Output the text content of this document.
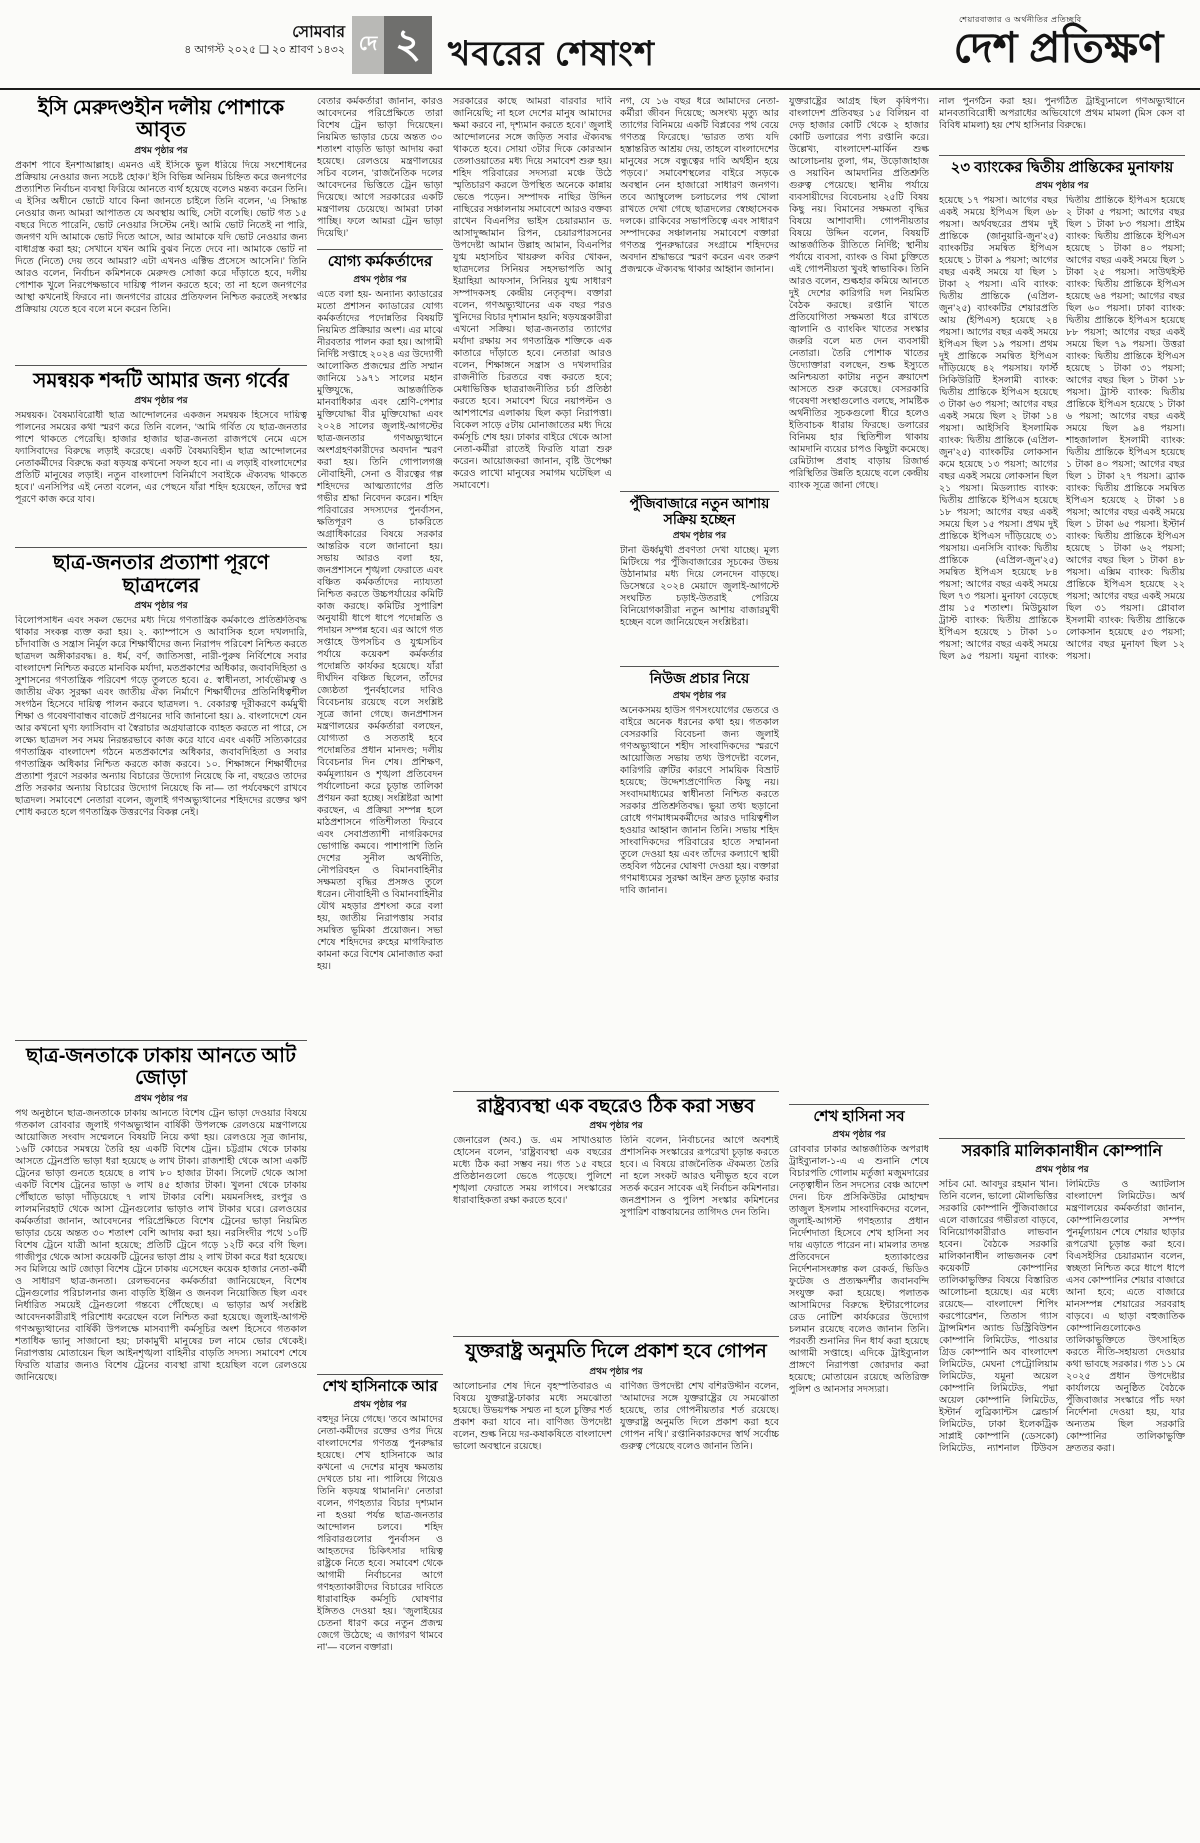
সোমবার
৪ আগস্ট ২০২৫ ❑ ২০ শ্রাবণ ১৪৩২ দে ২ খবরের শেষাংশ
শেয়ারবাজার ও অর্থনীতির প্রতিচ্ছবি
দেশ প্রতিক্ষণ
ইসি মেরুদণ্ডহীন দলীয় পোশাকে আবৃত
প্রথম পৃষ্ঠার পর

প্রকাশ পাবে ইনশাআল্লাহ। এমনও এই ইসিকে ভুল ধরিয়ে দিয়ে সংশোধনের প্রক্রিয়ায় নেওয়ার জন্য সচেষ্ট হোক।’ ইসি বিভিন্ন অনিয়ম চিহ্নিত করে জনগণের প্রত্যাশিত নির্বাচন ব্যবস্থা ফিরিয়ে আনতে ব্যর্থ হয়েছে বলেও মন্তব্য করেন তিনি। এ ইসির অধীনে ভোটে যাবে কিনা জানতে চাইলে তিনি বলেন, ‘এ সিদ্ধান্ত নেওয়ার জন্য আমরা আপাতত যে অবস্থায় আছি, সেটা বলেছি। ভোট গত ১৫ বছরে দিতে পারেনি, ভোট নেওয়ার সিস্টেম নেই। আমি ভোট নিতেই না পারি, জনগণ যদি আমাকে ভোট দিতে আসে, আর আমাকে যদি ভোট নেওয়ার জন্য বাধাগ্রস্ত করা হয়; সেখানে যখন আমি বুঝব নিতে দেবে না। আমাকে ভোট না দিতে (নিতে) দেয় তবে আমরা? এটা এখনও এক্টিভ প্রসেসে আসেনি।’ তিনি আরও বলেন, নির্বাচন কমিশনকে মেরুদণ্ড সোজা করে দাঁড়াতে হবে, দলীয় পোশাক খুলে নিরপেক্ষভাবে দায়িত্ব পালন করতে হবে; তা না হলে জনগণের আস্থা কখনোই ফিরবে না। জনগণের রায়ের প্রতিফলন নিশ্চিত করতেই সংস্কার প্রক্রিয়ায় যেতে হবে বলে মনে করেন তিনি।

সমন্বয়ক শব্দটি আমার জন্য গর্বের
প্রথম পৃষ্ঠার পর

সমন্বয়ক। বৈষম্যবিরোধী ছাত্র আন্দোলনের একজন সমন্বয়ক হিসেবে দায়িত্ব পালনের সময়ের কথা স্মরণ করে তিনি বলেন, ‘আমি গর্বিত যে ছাত্র-জনতার পাশে থাকতে পেরেছি। হাজার হাজার ছাত্র-জনতা রাজপথে নেমে এসে ফ্যাসিবাদের বিরুদ্ধে লড়াই করেছে। একটি বৈষম্যবিহীন ছাত্র আন্দোলনের নেতাকর্মীদের বিরুদ্ধে করা ষড়যন্ত্র কখনো সফল হবে না। এ লড়াই বাংলাদেশের প্রতিটি মানুষের লড়াই। নতুন বাংলাদেশ বিনির্মাণে সবাইকে ঐক্যবদ্ধ থাকতে হবে।’ এনসিপির এই নেতা বলেন, এর পেছনে যাঁরা শহিদ হয়েছেন, তাঁদের স্বপ্ন পূরণে কাজ করে যাব।

ছাত্র-জনতার প্রত্যাশা পূরণে ছাত্রদলের
প্রথম পৃষ্ঠার পর

বিলোপসাধন এবং সকল ভেদের মধ্য দিয়ে গণতান্ত্রিক কর্মকাণ্ডে প্রতিশ্রুতিবদ্ধ থাকার সংকল্প ব্যক্ত করা হয়। ২. ক্যাম্পাসে ও আবাসিক হলে দখলদারি, চাঁদাবাজি ও সন্ত্রাস নির্মূল করে শিক্ষার্থীদের জন্য নিরাপদ পরিবেশ নিশ্চিত করতে ছাত্রদল অঙ্গীকারবদ্ধ। ৪. ধর্ম, বর্ণ, জাতিসত্তা, নারী-পুরুষ নির্বিশেষে সবার বাংলাদেশ নিশ্চিত করতে মানবিক মর্যাদা, মতপ্রকাশের অধিকার, জবাবদিহিতা ও সুশাসনের গণতান্ত্রিক পরিবেশ গড়ে তুলতে হবে। ৫. স্বাধীনতা, সার্বভৌমত্ব ও জাতীয় ঐক্য সুরক্ষা এবং জাতীয় ঐক্য নির্মাণে শিক্ষার্থীদের প্রতিনিধিত্বশীল সংগঠন হিসেবে দায়িত্ব পালন করবে ছাত্রদল। ৭. বেকারত্ব দূরীকরণে কর্মমুখী শিক্ষা ও গবেষণাবান্ধব বাজেট প্রণয়নের দাবি জানানো হয়। ৯. বাংলাদেশে যেন আর কখনো ঘৃণ্য ফ্যাসিবাদ বা স্বৈরাচার অগ্রযাত্রাকে ব্যাহত করতে না পারে, সে লক্ষ্যে ছাত্রদল সব সময় নিরন্তরভাবে কাজ করে যাবে এবং একটি সত্যিকারের গণতান্ত্রিক বাংলাদেশ গঠনে মতপ্রকাশের অধিকার, জবাবদিহিতা ও সবার গণতান্ত্রিক অধিকার নিশ্চিত করতে কাজ করবে। ১০. শিক্ষাঙ্গনে শিক্ষার্থীদের প্রত্যাশা পূরণে সরকার অন্যায় বিচারের উদ্যোগ নিয়েছে কি না, বছরেও তাদের প্রতি সরকার অন্যায় বিচারের উদ্যোগ নিয়েছে কি না— তা পর্যবেক্ষণে রাখবে ছাত্রদল। সমাবেশে নেতারা বলেন, জুলাই গণঅভ্যুত্থানের শহিদদের রক্তের ঋণ শোধ করতে হলে গণতান্ত্রিক উত্তরণের বিকল্প নেই।

ছাত্র-জনতাকে ঢাকায় আনতে আট জোড়া
প্রথম পৃষ্ঠার পর

পথ অনুষ্ঠানে ছাত্র-জনতাকে ঢাকায় আনতে বিশেষ ট্রেন ভাড়া দেওয়ার বিষয়ে গতকাল রোববার জুলাই গণঅভ্যুত্থান বার্ষিকী উপলক্ষে রেলওয়ে মন্ত্রণালয়ে আয়োজিত সংবাদ সম্মেলনে বিষয়টি নিয়ে কথা হয়। রেলওয়ে সূত্র জানায়, ১৬টি কোচের সমন্বয়ে তৈরি হয় একটি বিশেষ ট্রেন। চট্টগ্রাম থেকে ঢাকায় আসতে ট্রেনপ্রতি ভাড়া ধরা হয়েছে ৬ লাখ টাকা। রাজশাহী থেকে আসা একটি ট্রেনের ভাড়া গুনতে হয়েছে ৪ লাখ ৮০ হাজার টাকা। সিলেট থেকে আসা একটি বিশেষ ট্রেনের ভাড়া ৬ লাখ ৪৫ হাজার টাকা। খুলনা থেকে ঢাকায় পৌঁছাতে ভাড়া দাঁড়িয়েছে ৭ লাখ টাকার বেশি। ময়মনসিংহ, রংপুর ও লালমনিরহাট থেকে আসা ট্রেনগুলোর ভাড়াও লাখ টাকার ঘরে। রেলওয়ের কর্মকর্তারা জানান, আবেদনের পরিপ্রেক্ষিতে বিশেষ ট্রেনের ভাড়া নিয়মিত ভাড়ার চেয়ে অন্তত ৩০ শতাংশ বেশি আদায় করা হয়। নরসিংদীর পথে ১০টি বিশেষ ট্রেনে যাত্রী আনা হয়েছে; প্রতিটি ট্রেনে গড়ে ১২টি করে বগি ছিল। গাজীপুর থেকে আসা কয়েকটি ট্রেনের ভাড়া প্রায় ২ লাখ টাকা করে ধরা হয়েছে। সব মিলিয়ে আট জোড়া বিশেষ ট্রেনে ঢাকায় এসেছেন কয়েক হাজার নেতা-কর্মী ও সাধারণ ছাত্র-জনতা। রেলভবনের কর্মকর্তারা জানিয়েছেন, বিশেষ ট্রেনগুলোর পরিচালনার জন্য বাড়তি ইঞ্জিন ও জনবল নিয়োজিত ছিল এবং নির্ধারিত সময়েই ট্রেনগুলো গন্তব্যে পৌঁছেছে। এ ভাড়ার অর্থ সংশ্লিষ্ট আবেদনকারীরাই পরিশোধ করেছেন বলে নিশ্চিত করা হয়েছে। জুলাই-আগস্ট গণঅভ্যুত্থানের বার্ষিকী উপলক্ষে মাসব্যাপী কর্মসূচির অংশ হিসেবে গতকাল শতাধিক ভ্যানু সাজানো হয়; ঢাকামুখী মানুষের ঢল নামে ভোর থেকেই। নিরাপত্তায় মোতায়েন ছিল আইনশৃঙ্খলা বাহিনীর বাড়তি সদস্য। সমাবেশ শেষে ফিরতি যাত্রার জন্যও বিশেষ ট্রেনের ব্যবস্থা রাখা হয়েছিল বলে রেলওয়ে জানিয়েছে।

বেতার কর্মকর্তারা জানান, কারও আবেদনের পরিপ্রেক্ষিতে তারা বিশেষ ট্রেন ভাড়া দিয়েছেন। নিয়মিত ভাড়ার চেয়ে অন্তত ৩০ শতাংশ বাড়তি ভাড়া আদায় করা হয়েছে। রেলওয়ে মন্ত্রণালয়ের সচিব বলেন, ‘রাজনৈতিক দলের আবেদনের ভিত্তিতে ট্রেন ভাড়া দিয়েছে। আগে সরকারের একটি মন্ত্রণালয় চেয়েছে। আমরা ঢাকা পাচ্ছি। ফলে আমরা ট্রেন ভাড়া দিয়েছি।’

যোগ্য কর্মকর্তাদের
প্রথম পৃষ্ঠার পর

এতে বলা হয়- অন্যান্য ক্যাডারের মতো প্রশাসন ক্যাডারের যোগ্য কর্মকর্তাদের পদোন্নতির বিষয়টি নিয়মিত প্রক্রিয়ার অংশ। এর মাঝে নীরবতার পালন করা হয়। আগামী নির্দিষ্ট সপ্তাহে ২০২৪ এর উদ্যোগী আলোকিত প্রজন্মের প্রতি সম্মান জানিয়ে ১৯৭১ সালের মহান মুক্তিযুদ্ধে, আন্তর্জাতিক মানবাধিকার এবং শ্রেণি-পেশার মুক্তিযোদ্ধা বীর মুক্তিযোদ্ধা এবং ২০২৪ সালের জুলাই-আগস্টের ছাত্র-জনতার গণঅভ্যুত্থানে অংশগ্রহণকারীদের অবদান স্মরণ করা হয়। তিনি গোপালগঞ্জ নৌবাহিনী, সেনা ও বীরত্বের গল্প শহিদদের আত্মত্যাগের প্রতি গভীর শ্রদ্ধা নিবেদন করেন। শহিদ পরিবারের সদস্যদের পুনর্বাসন, ক্ষতিপূরণ ও চাকরিতে অগ্রাধিকারের বিষয়ে সরকার আন্তরিক বলে জানানো হয়। সভায় আরও বলা হয়, জনপ্রশাসনে শৃঙ্খলা ফেরাতে এবং বঞ্চিত কর্মকর্তাদের ন্যায্যতা নিশ্চিত করতে উচ্চপর্যায়ের কমিটি কাজ করছে। কমিটির সুপারিশ অনুযায়ী ধাপে ধাপে পদোন্নতি ও পদায়ন সম্পন্ন হবে। এর আগে গত সপ্তাহে উপসচিব ও যুগ্মসচিব পর্যায়ে কয়েকশ কর্মকর্তার পদোন্নতি কার্যকর হয়েছে। যাঁরা দীর্ঘদিন বঞ্চিত ছিলেন, তাঁদের জ্যেষ্ঠতা পুনর্বহালের দাবিও বিবেচনায় রয়েছে বলে সংশ্লিষ্ট সূত্রে জানা গেছে। জনপ্রশাসন মন্ত্রণালয়ের কর্মকর্তারা বলছেন, যোগ্যতা ও সততাই হবে পদোন্নতির প্রধান মানদণ্ড; দলীয় বিবেচনার দিন শেষ। প্রশিক্ষণ, কর্মমূল্যায়ন ও শৃঙ্খলা প্রতিবেদন পর্যালোচনা করে চূড়ান্ত তালিকা প্রণয়ন করা হচ্ছে। সংশ্লিষ্টরা আশা করছেন, এ প্রক্রিয়া সম্পন্ন হলে মাঠপ্রশাসনে গতিশীলতা ফিরবে এবং সেবাপ্রত্যাশী নাগরিকদের ভোগান্তি কমবে। পাশাপাশি তিনি দেশের সুনীল অর্থনীতি, নৌপরিবহন ও বিমানবাহিনীর সক্ষমতা বৃদ্ধির প্রসঙ্গও তুলে ধরেন। নৌবাহিনী ও বিমানবাহিনীর যৌথ মহড়ার প্রশংসা করে বলা হয়, জাতীয় নিরাপত্তায় সবার সমন্বিত ভূমিকা প্রয়োজন। সভা শেষে শহিদদের রুহের মাগফিরাত কামনা করে বিশেষ মোনাজাত করা হয়।

শেখ হাসিনাকে আর
প্রথম পৃষ্ঠার পর

বহুদূর নিয়ে গেছে। ‘তবে আমাদের নেতা-কর্মীদের রক্তের ওপর দিয়ে বাংলাদেশের গণতন্ত্র পুনরুদ্ধার হয়েছে। শেখ হাসিনাকে আর কখনো এ দেশের মানুষ ক্ষমতায় দেখতে চায় না। পালিয়ে গিয়েও তিনি ষড়যন্ত্র থামাননি।’ নেতারা বলেন, গণহত্যার বিচার দৃশ্যমান না হওয়া পর্যন্ত ছাত্র-জনতার আন্দোলন চলবে। শহিদ পরিবারগুলোর পুনর্বাসন ও আহতদের চিকিৎসার দায়িত্ব রাষ্ট্রকে নিতে হবে। সমাবেশ থেকে আগামী নির্বাচনের আগে গণহত্যাকারীদের বিচারের দাবিতে ধারাবাহিক কর্মসূচি ঘোষণার ইঙ্গিতও দেওয়া হয়। ‘জুলাইয়ের চেতনা ধারণ করে নতুন প্রজন্ম জেগে উঠেছে; এ জাগরণ থামবে না’— বলেন বক্তারা।

সরকারের কাছে আমরা বারবার দাবি জানিয়েছি; না হলে দেশের মানুষ আমাদের ক্ষমা করবে না, দৃশ্যমান করতে হবে।’ জুলাই আন্দোলনের সঙ্গে জড়িত সবার ঐক্যবদ্ধ থাকতে হবে। সোয়া ৩টার দিকে কোরআন তেলাওয়াতের মধ্য দিয়ে সমাবেশ শুরু হয়। শহিদ পরিবারের সদস্যরা মঞ্চে উঠে স্মৃতিচারণ করলে উপস্থিত অনেকে কান্নায় ভেঙে পড়েন। সম্পাদক নাছির উদ্দিন নাছিরের সঞ্চালনায় সমাবেশে আরও বক্তব্য রাখেন বিএনপির ভাইস চেয়ারম্যান ড. আসাদুজ্জামান রিপন, চেয়ারপারসনের উপদেষ্টা আমান উল্লাহ আমান, বিএনপির যুগ্ম মহাসচিব খায়রুল কবির খোকন, ছাত্রদলের সিনিয়র সহসভাপতি আবু ইয়াহিয়া আফসান, সিনিয়র যুগ্ম সাধারণ সম্পাদকসহ কেন্দ্রীয় নেতৃবৃন্দ। বক্তারা বলেন, গণঅভ্যুত্থানের এক বছর পরও খুনিদের বিচার দৃশ্যমান হয়নি; ষড়যন্ত্রকারীরা এখনো সক্রিয়। ছাত্র-জনতার ত্যাগের মর্যাদা রক্ষায় সব গণতান্ত্রিক শক্তিকে এক কাতারে দাঁড়াতে হবে। নেতারা আরও বলেন, শিক্ষাঙ্গনে সন্ত্রাস ও দখলদারির রাজনীতি চিরতরে বন্ধ করতে হবে; মেধাভিত্তিক ছাত্ররাজনীতির চর্চা প্রতিষ্ঠা করতে হবে। সমাবেশ ঘিরে নয়াপল্টন ও আশপাশের এলাকায় ছিল কড়া নিরাপত্তা। বিকেল সাড়ে ৫টায় মোনাজাতের মধ্য দিয়ে কর্মসূচি শেষ হয়। ঢাকার বাইরে থেকে আসা নেতা-কর্মীরা রাতেই ফিরতি যাত্রা শুরু করেন। আয়োজকরা জানান, বৃষ্টি উপেক্ষা করেও লাখো মানুষের সমাগম ঘটেছিল এ সমাবেশে।

নগ, যে ১৬ বছর ধরে আমাদের নেতা-কর্মীরা জীবন দিয়েছে; অসংখ্য মৃত্যু আর ত্যাগের বিনিময়ে একটি বিপ্লবের পথ বেয়ে গণতন্ত্র ফিরেছে। ‘ভারত তথ্য যদি হস্তান্তরিত আশ্রয় দেয়, তাহলে বাংলাদেশের মানুষের সঙ্গে বন্ধুত্বের দাবি অর্থহীন হয়ে পড়বে।’ সমাবেশস্থলের বাইরে সড়কে অবস্থান নেন হাজারো সাধারণ জনগণ। তবে অ্যাম্বুলেন্স চলাচলের পথ খোলা রাখতে দেখা গেছে ছাত্রদলের স্বেচ্ছাসেবক দলকে। রাকিবের সভাপতিত্বে এবং সাধারণ সম্পাদকের সঞ্চালনায় সমাবেশে বক্তারা গণতন্ত্র পুনরুদ্ধারের সংগ্রামে শহিদদের অবদান শ্রদ্ধাভরে স্মরণ করেন এবং তরুণ প্রজন্মকে ঐক্যবদ্ধ থাকার আহ্বান জানান।

পুঁজিবাজারে নতুন আশায় সক্রিয় হচ্ছেন
প্রথম পৃষ্ঠার পর

টানা ঊর্ধ্বমুখী প্রবণতা দেখা যাচ্ছে। মূল্য মিটিংয়ে পর পুঁজিবাজারের সূচকের উভয় উঠানামার মধ্য দিয়ে লেনদেন বাড়ছে। ডিসেম্বরে ২০২৪ মেয়াদে জুলাই-আগস্টে সংঘটিত চড়াই-উতরাই পেরিয়ে বিনিয়োগকারীরা নতুন আশায় বাজারমুখী হচ্ছেন বলে জানিয়েছেন সংশ্লিষ্টরা।

নিউজ প্রচার নিয়ে
প্রথম পৃষ্ঠার পর

অনেকসময় হাউস গণসংযোগের ভেতরে ও বাইরে অনেক ধরনের কথা হয়। গতকাল বেসরকারি বিবেচনা জন্য জুলাই গণঅভ্যুত্থানে শহীদ সাংবাদিকদের স্মরণে আয়োজিত সভায় তথ্য উপদেষ্টা বলেন, কারিগরি ত্রুটির কারণে সাময়িক বিভ্রাট হয়েছে; উদ্দেশ্যপ্রণোদিত কিছু নয়। সংবাদমাধ্যমের স্বাধীনতা নিশ্চিত করতে সরকার প্রতিশ্রুতিবদ্ধ। ভুয়া তথ্য ছড়ানো রোধে গণমাধ্যমকর্মীদের আরও দায়িত্বশীল হওয়ার আহ্বান জানান তিনি। সভায় শহিদ সাংবাদিকদের পরিবারের হাতে সম্মাননা তুলে দেওয়া হয় এবং তাঁদের কল্যাণে স্থায়ী তহবিল গঠনের ঘোষণা দেওয়া হয়। বক্তারা গণমাধ্যমের সুরক্ষা আইন দ্রুত চূড়ান্ত করার দাবি জানান।

রাষ্ট্রব্যবস্থা এক বছরেও ঠিক করা সম্ভব
প্রথম পৃষ্ঠার পর

জেনারেল (অব.) ড. এম সাখাওয়াত হোসেন বলেন, ‘রাষ্ট্রব্যবস্থা এক বছরের মধ্যে ঠিক করা সম্ভব নয়। গত ১৫ বছরে প্রতিষ্ঠানগুলো ভেঙে পড়েছে। পুলিশে শৃঙ্খলা ফেরাতে সময় লাগবে। সংস্কারের ধারাবাহিকতা রক্ষা করতে হবে।’

তিনি বলেন, নির্বাচনের আগে অবশ্যই প্রশাসনিক সংস্কারের রূপরেখা চূড়ান্ত করতে হবে। এ বিষয়ে রাজনৈতিক ঐকমত্য তৈরি না হলে সংকট আরও ঘনীভূত হবে বলে সতর্ক করেন সাবেক এই নির্বাচন কমিশনার। জনপ্রশাসন ও পুলিশ সংস্কার কমিশনের সুপারিশ বাস্তবায়নের তাগিদও দেন তিনি।

যুক্তরাষ্ট্র অনুমতি দিলে প্রকাশ হবে গোপন
প্রথম পৃষ্ঠার পর

আলোচনার শেষ দিনে বৃহস্পতিবারও এ বিষয়ে যুক্তরাষ্ট্র-ঢাকার মধ্যে সমঝোতা হয়েছে। উভয়পক্ষ সম্মত না হলে চুক্তির শর্ত প্রকাশ করা যাবে না। বাণিজ্য উপদেষ্টা বলেন, শুল্ক নিয়ে দর-কষাকষিতে বাংলাদেশ ভালো অবস্থানে রয়েছে।

বাণিজ্য উপদেষ্টা শেখ বশিরউদ্দীন বলেন, ‘আমাদের সঙ্গে যুক্তরাষ্ট্রের যে সমঝোতা হয়েছে, তার গোপনীয়তার শর্ত রয়েছে। যুক্তরাষ্ট্র অনুমতি দিলে প্রকাশ করা হবে গোপন নথি।’ রপ্তানিকারকদের স্বার্থ সর্বোচ্চ গুরুত্ব পেয়েছে বলেও জানান তিনি।

যুক্তরাষ্ট্রের আগ্রহ ছিল কৃষিপণ্য। বাংলাদেশ প্রতিবছর ১৫ বিলিয়ন বা দেড় হাজার কোটি থেকে ২ হাজার কোটি ডলারের পণ্য রপ্তানি করে। উল্লেখ্য, বাংলাদেশ-মার্কিন শুল্ক আলোচনায় তুলা, গম, উড়োজাহাজ ও সয়াবিন আমদানির প্রতিশ্রুতি গুরুত্ব পেয়েছে। স্থানীয় পর্যায়ে ব্যবসায়ীদের বিবেচনায় ২৫টি বিষয় কিছু নয়। বিমানের সক্ষমতা বৃদ্ধির বিষয়ে আশাবাদী। গোপনীয়তার বিষয়ে উদ্দিন বলেন, বিষয়টি আন্তর্জাতিক রীতিতে নির্দিষ্ট; স্থানীয় পর্যায়ে ব্যবসা, ব্যাংক ও বিমা চুক্তিতে এই গোপনীয়তা খুবই স্বাভাবিক। তিনি আরও বলেন, শুল্কহার কমিয়ে আনতে দুই দেশের কারিগরি দল নিয়মিত বৈঠক করছে। রপ্তানি খাতে প্রতিযোগিতা সক্ষমতা ধরে রাখতে জ্বালানি ও ব্যাংকিং খাতের সংস্কার জরুরি বলে মত দেন ব্যবসায়ী নেতারা। তৈরি পোশাক খাতের উদ্যোক্তারা বলছেন, শুল্ক ইস্যুতে অনিশ্চয়তা কাটায় নতুন ক্রয়াদেশ আসতে শুরু করেছে। বেসরকারি গবেষণা সংস্থাগুলোও বলছে, সামষ্টিক অর্থনীতির সূচকগুলো ধীরে হলেও ইতিবাচক ধারায় ফিরছে। ডলারের বিনিময় হার স্থিতিশীল থাকায় আমদানি ব্যয়ের চাপও কিছুটা কমেছে। রেমিট্যান্স প্রবাহ বাড়ায় রিজার্ভ পরিস্থিতির উন্নতি হয়েছে বলে কেন্দ্রীয় ব্যাংক সূত্রে জানা গেছে।

শেখ হাসিনা সব
প্রথম পৃষ্ঠার পর

রোববার ঢাকার আন্তর্জাতিক অপরাধ ট্রাইব্যুনাল-১-এ এ শুনানি শেষে বিচারপতি গোলাম মর্তুজা মজুমদারের নেতৃত্বাধীন তিন সদস্যের বেঞ্চ আদেশ দেন। চিফ প্রসিকিউটর মোহাম্মদ তাজুল ইসলাম সাংবাদিকদের বলেন, জুলাই-আগস্ট গণহত্যার প্রধান নির্দেশদাতা হিসেবে শেখ হাসিনা সব দায় এড়াতে পারেন না। মামলার তদন্ত প্রতিবেদনে হত্যাকাণ্ডের নির্দেশনাসংক্রান্ত কল রেকর্ড, ভিডিও ফুটেজ ও প্রত্যক্ষদর্শীর জবানবন্দি সংযুক্ত করা হয়েছে। পলাতক আসামিদের বিরুদ্ধে ইন্টারপোলের রেড নোটিশ কার্যকরের উদ্যোগ চলমান রয়েছে বলেও জানান তিনি। পরবর্তী শুনানির দিন ধার্য করা হয়েছে আগামী সপ্তাহে। এদিকে ট্রাইব্যুনাল প্রাঙ্গণে নিরাপত্তা জোরদার করা হয়েছে; মোতায়েন রয়েছে অতিরিক্ত পুলিশ ও আনসার সদস্যরা।

নাল পুনর্গঠন করা হয়। পুনর্গঠিত ট্রাইব্যুনালে গণঅভ্যুত্থানে মানবতাবিরোধী অপরাধের অভিযোগে প্রথম মামলা (মিস কেস বা বিবিধ মামলা) হয় শেখ হাসিনার বিরুদ্ধে।

২৩ ব্যাংকের দ্বিতীয় প্রান্তিকের মুনাফায়
প্রথম পৃষ্ঠার পর

হয়েছে ১৭ পয়সা। আগের বছর একই সময়ে ইপিএস ছিল ৬৮ পয়সা। অর্থবছরের প্রথম দুই প্রান্তিকে (জানুয়ারি-জুন’২৫) ব্যাংকটির সমন্বিত ইপিএস হয়েছে ১ টাকা ৯ পয়সা; আগের বছর একই সময়ে যা ছিল ১ টাকা ২ পয়সা। এবি ব্যাংক: দ্বিতীয় প্রান্তিকে (এপ্রিল-জুন’২৫) ব্যাংকটির শেয়ারপ্রতি আয় (ইপিএস) হয়েছে ২৪ পয়সা। আগের বছর একই সময়ে ইপিএস ছিল ১৯ পয়সা। প্রথম দুই প্রান্তিকে সমন্বিত ইপিএস দাঁড়িয়েছে ৪২ পয়সায়। ফার্স্ট সিকিউরিটি ইসলামী ব্যাংক: দ্বিতীয় প্রান্তিকে ইপিএস হয়েছে ৩ টাকা ৬৩ পয়সা; আগের বছর একই সময়ে ছিল ২ টাকা ১৪ পয়সা। আইসিবি ইসলামিক ব্যাংক: দ্বিতীয় প্রান্তিকে (এপ্রিল-জুন’২৫) ব্যাংকটির লোকসান কমে হয়েছে ১৩ পয়সা; আগের বছর একই সময়ে লোকসান ছিল ২১ পয়সা। মিডল্যান্ড ব্যাংক: দ্বিতীয় প্রান্তিকে ইপিএস হয়েছে ১৮ পয়সা; আগের বছর একই সময়ে ছিল ১৫ পয়সা। প্রথম দুই প্রান্তিকে ইপিএস দাঁড়িয়েছে ৩১ পয়সায়। এনসিসি ব্যাংক: দ্বিতীয় প্রান্তিকে (এপ্রিল-জুন’২৫) সমন্বিত ইপিএস হয়েছে ৮৪ পয়সা; আগের বছর একই সময়ে ছিল ৭৩ পয়সা। মুনাফা বেড়েছে প্রায় ১৫ শতাংশ। মিউচুয়াল ট্রাস্ট ব্যাংক: দ্বিতীয় প্রান্তিকে ইপিএস হয়েছে ১ টাকা ১০ পয়সা; আগের বছর একই সময়ে ছিল ৯৫ পয়সা। যমুনা ব্যাংক: দ্বিতীয় প্রান্তিকে ইপিএস হয়েছে ২ টাকা ৫ পয়সা; আগের বছর ছিল ১ টাকা ৮৩ পয়সা। প্রাইম ব্যাংক: দ্বিতীয় প্রান্তিকে ইপিএস হয়েছে ১ টাকা ৪০ পয়সা; আগের বছর একই সময়ে ছিল ১ টাকা ২৫ পয়সা। সাউথইস্ট ব্যাংক: দ্বিতীয় প্রান্তিকে ইপিএস হয়েছে ৬৪ পয়সা; আগের বছর ছিল ৬০ পয়সা। ঢাকা ব্যাংক: দ্বিতীয় প্রান্তিকে ইপিএস হয়েছে ৮৮ পয়সা; আগের বছর একই সময়ে ছিল ৭৯ পয়সা। উত্তরা ব্যাংক: দ্বিতীয় প্রান্তিকে ইপিএস হয়েছে ১ টাকা ৩১ পয়সা; আগের বছর ছিল ১ টাকা ১৮ পয়সা। ট্রাস্ট ব্যাংক: দ্বিতীয় প্রান্তিকে ইপিএস হয়েছে ১ টাকা ৬ পয়সা; আগের বছর একই সময়ে ছিল ৯৪ পয়সা। শাহজালাল ইসলামী ব্যাংক: দ্বিতীয় প্রান্তিকে ইপিএস হয়েছে ১ টাকা ৪০ পয়সা; আগের বছর ছিল ১ টাকা ২৭ পয়সা। ব্র্যাক ব্যাংক: দ্বিতীয় প্রান্তিকে সমন্বিত ইপিএস হয়েছে ২ টাকা ১৪ পয়সা; আগের বছর একই সময়ে ছিল ১ টাকা ৬৫ পয়সা। ইস্টার্ন ব্যাংক: দ্বিতীয় প্রান্তিকে ইপিএস হয়েছে ১ টাকা ৬২ পয়সা; আগের বছর ছিল ১ টাকা ৪৮ পয়সা। এক্সিম ব্যাংক: দ্বিতীয় প্রান্তিকে ইপিএস হয়েছে ২২ পয়সা; আগের বছর একই সময়ে ছিল ৩১ পয়সা। গ্লোবাল ইসলামী ব্যাংক: দ্বিতীয় প্রান্তিকে লোকসান হয়েছে ৫৩ পয়সা; আগের বছর মুনাফা ছিল ১২ পয়সা।

সরকারি মালিকানাধীন কোম্পানি
প্রথম পৃষ্ঠার পর

সচিব মো. আবদুর রহমান খান। তিনি বলেন, ভালো মৌলভিত্তির সরকারি কোম্পানি পুঁজিবাজারে এলে বাজারের গভীরতা বাড়বে, বিনিয়োগকারীরাও লাভবান হবেন। বৈঠকে সরকারি মালিকানাধীন লাভজনক বেশ কয়েকটি কোম্পানির তালিকাভুক্তির বিষয়ে বিস্তারিত আলোচনা হয়েছে। এর মধ্যে রয়েছে— বাংলাদেশ শিপিং করপোরেশন, তিতাস গ্যাস ট্রান্সমিশন অ্যান্ড ডিস্ট্রিবিউশন কোম্পানি লিমিটেড, পাওয়ার গ্রিড কোম্পানি অব বাংলাদেশ লিমিটেড, মেঘনা পেট্রোলিয়াম লিমিটেড, যমুনা অয়েল কোম্পানি লিমিটেড, পদ্মা অয়েল কোম্পানি লিমিটেড, ইস্টার্ন লুব্রিক্যান্টস ব্লেন্ডার্স লিমিটেড, ঢাকা ইলেকট্রিক সাপ্লাই কোম্পানি (ডেসকো) লিমিটেড, ন্যাশনাল টিউবস লিমিটেড ও অ্যাটলাস বাংলাদেশ লিমিটেড। অর্থ মন্ত্রণালয়ের কর্মকর্তারা জানান, কোম্পানিগুলোর সম্পদ পুনর্মূল্যায়ন শেষে শেয়ার ছাড়ার রূপরেখা চূড়ান্ত করা হবে। বিএসইসির চেয়ারম্যান বলেন, স্বচ্ছতা নিশ্চিত করে ধাপে ধাপে এসব কোম্পানির শেয়ার বাজারে আনা হবে; এতে বাজারে মানসম্পন্ন শেয়ারের সরবরাহ বাড়বে। এ ছাড়া বহুজাতিক কোম্পানিগুলোকেও তালিকাভুক্তিতে উৎসাহিত করতে নীতি-সহায়তা দেওয়ার কথা ভাবছে সরকার। গত ১১ মে ২০২৫ প্রধান উপদেষ্টার কার্যালয়ে অনুষ্ঠিত বৈঠকে পুঁজিবাজার সংস্কারে পাঁচ দফা নির্দেশনা দেওয়া হয়, যার অন্যতম ছিল সরকারি কোম্পানির তালিকাভুক্তি দ্রুততর করা।
